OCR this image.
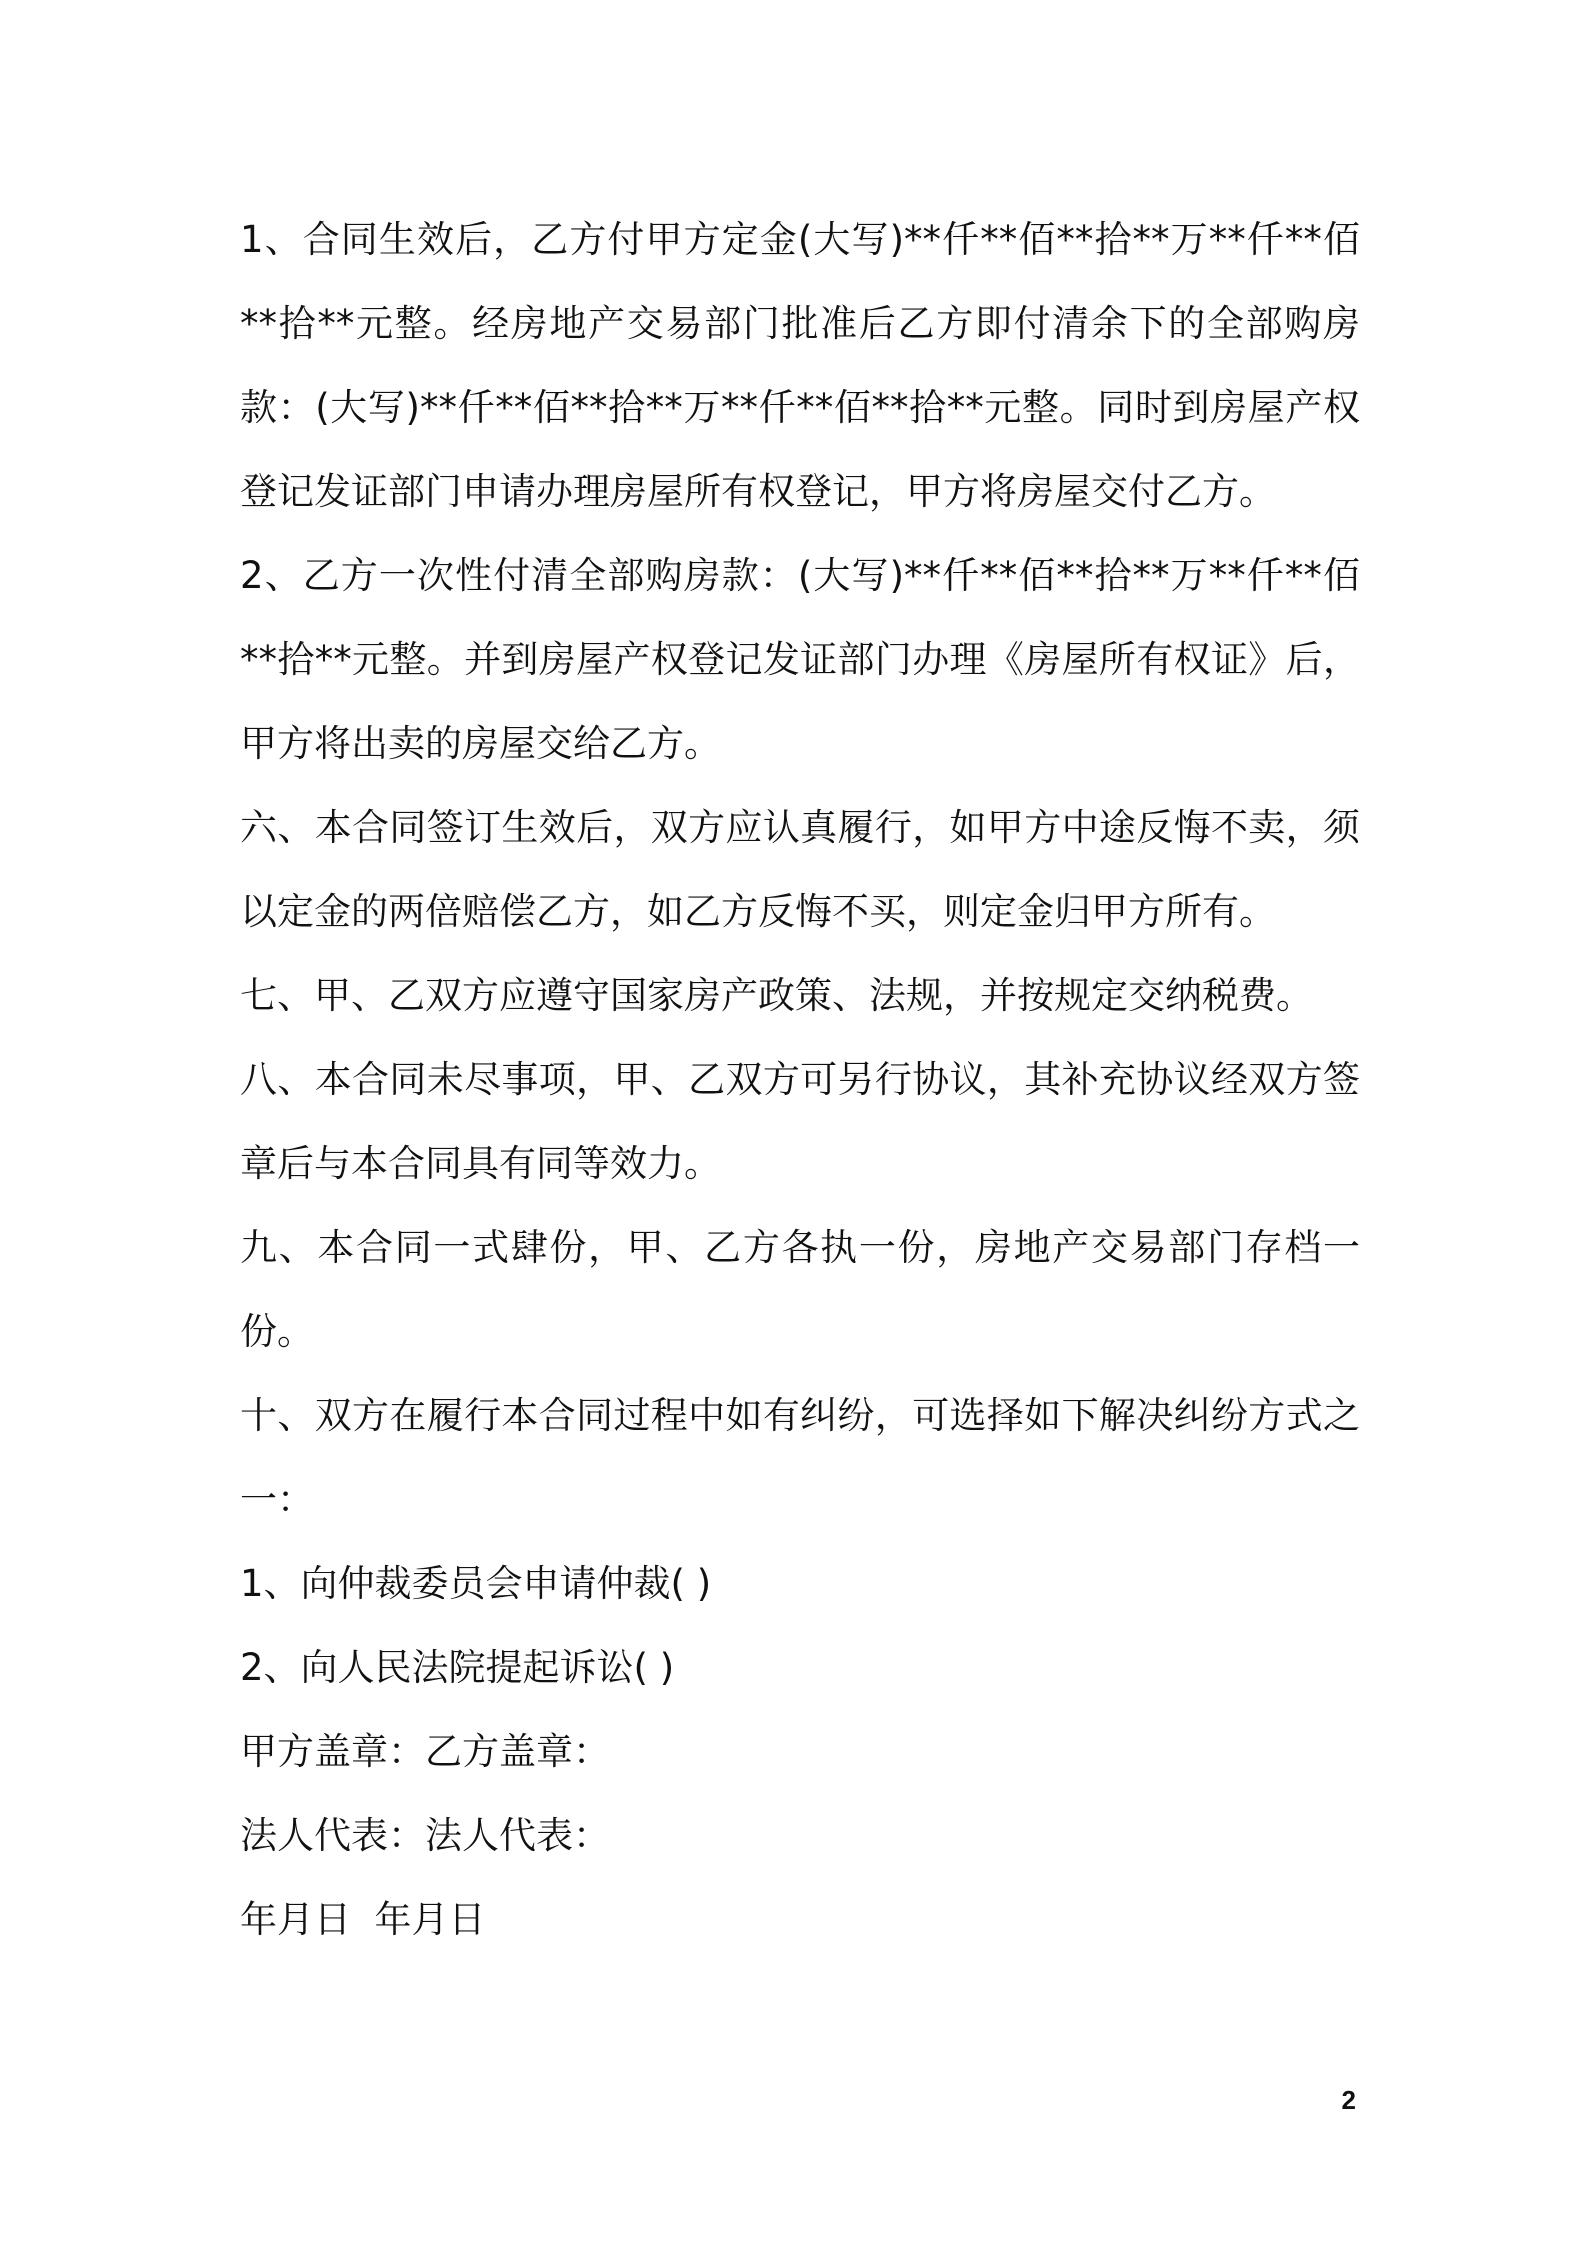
1、合同生效后，乙方付甲方定金(大写)**仟**佰**拾**万**仟**佰**拾**元整。经房地产交易部门批准后乙方即付清余下的全部购房款：(大写)**仟**佰**拾**万**仟**佰**拾**元整。同时到房屋产权登记发证部门申请办理房屋所有权登记，甲方将房屋交付乙方。

2、乙方一次性付清全部购房款：(大写)**仟**佰**拾**万**仟**佰**拾**元整。并到房屋产权登记发证部门办理《房屋所有权证》后，甲方将出卖的房屋交给乙方。

六、本合同签订生效后，双方应认真履行，如甲方中途反悔不卖，须以定金的两倍赔偿乙方，如乙方反悔不买，则定金归甲方所有。

七、甲、乙双方应遵守国家房产政策、法规，并按规定交纳税费。

八、本合同未尽事项，甲、乙双方可另行协议，其补充协议经双方签章后与本合同具有同等效力。

九、本合同一式肆份，甲、乙方各执一份，房地产交易部门存档一份。

十、双方在履行本合同过程中如有纠纷，可选择如下解决纠纷方式之一：

1、向仲裁委员会申请仲裁( )

2、向人民法院提起诉讼( )

甲方盖章：乙方盖章：

法人代表：法人代表：

年月日  年月日

2
